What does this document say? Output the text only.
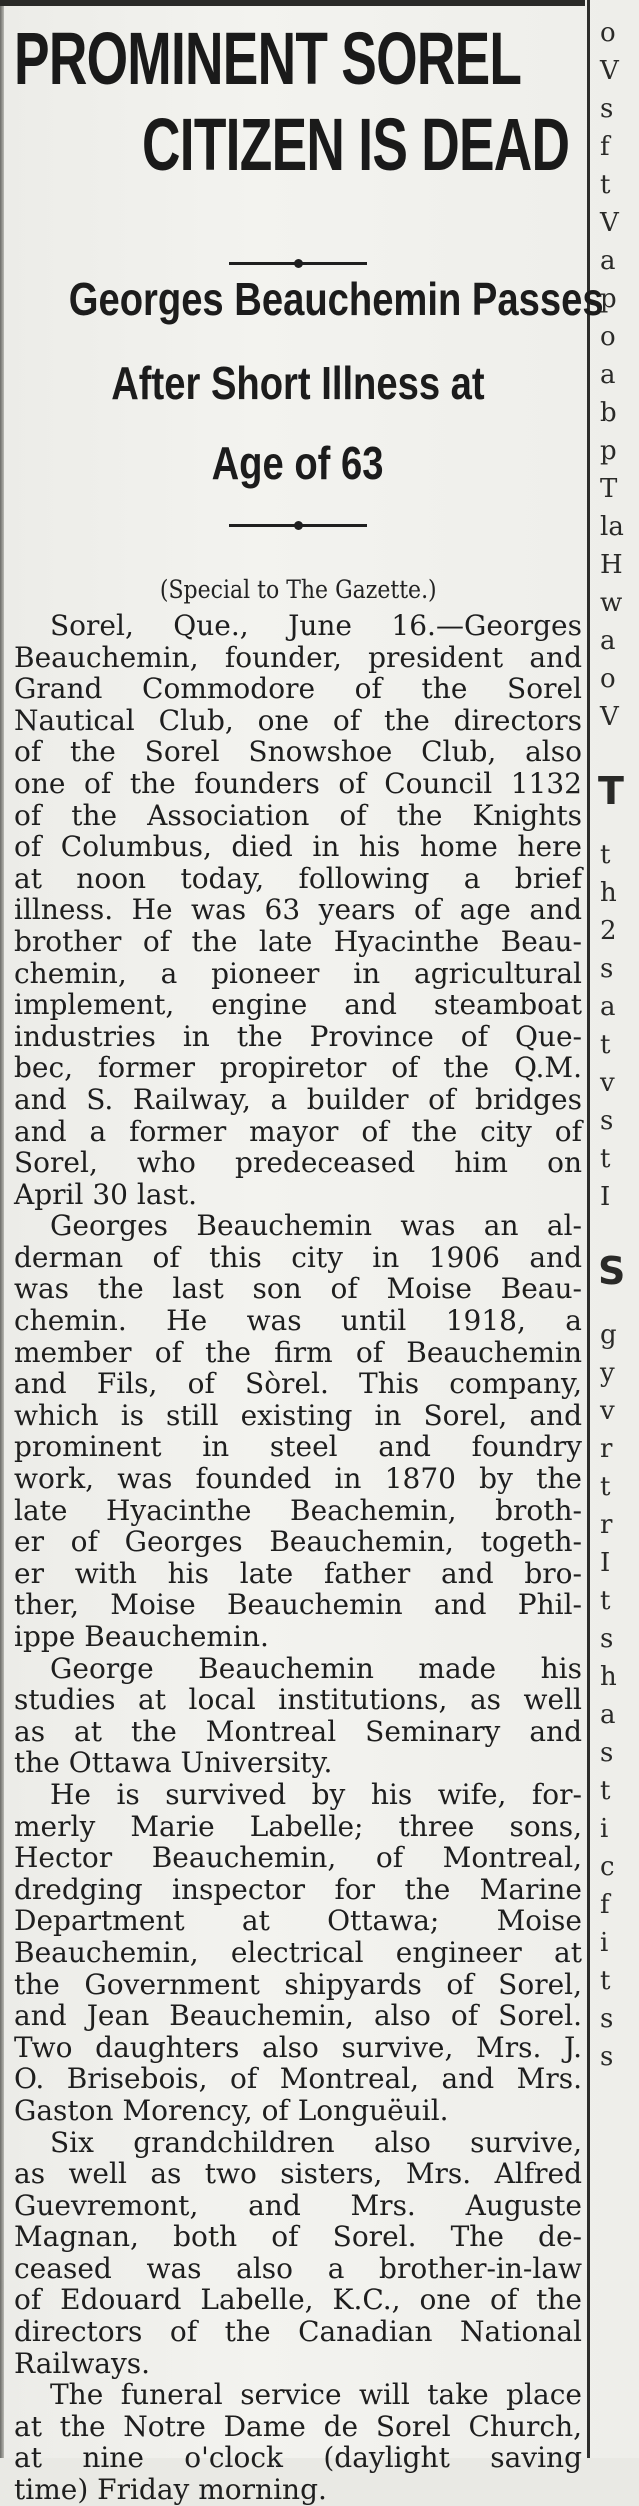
o
V
s
f
t
V
a
p
o
a
b
p
T
la
H
w
a
o
V
T
t
h
2
s
a
t
v
s
t
I
S
g
y
v
r
t
r
I
t
s
h
a
s
t
i
c
f
i
t
s
s
PROMINENT SOREL
CITIZEN IS DEAD
Georges Beauchemin Passes
After Short Illness at
Age of 63
(Special to The Gazette.)
Sorel, Que., June 16.—Georges
Beauchemin, founder, president and
Grand Commodore of the Sorel
Nautical Club, one of the directors
of the Sorel Snowshoe Club, also
one of the founders of Council 1132
of the Association of the Knights
of Columbus, died in his home here
at noon today, following a brief
illness. He was 63 years of age and
brother of the late Hyacinthe Beau-
chemin, a pioneer in agricultural
implement, engine and steamboat
industries in the Province of Que-
bec, former propiretor of the Q.M.
and S. Railway, a builder of bridges
and a former mayor of the city of
Sorel, who predeceased him on
April 30 last.
Georges Beauchemin was an al-
derman of this city in 1906 and
was the last son of Moise Beau-
chemin. He was until 1918, a
member of the firm of Beauchemin
and Fils, of Sòrel. This company,
which is still existing in Sorel, and
prominent in steel and foundry
work, was founded in 1870 by the
late Hyacinthe Beachemin, broth-
er of Georges Beauchemin, togeth-
er with his late father and bro-
ther, Moise Beauchemin and Phil-
ippe Beauchemin.
George Beauchemin made his
studies at local institutions, as well
as at the Montreal Seminary and
the Ottawa University.
He is survived by his wife, for-
merly Marie Labelle; three sons,
Hector Beauchemin, of Montreal,
dredging inspector for the Marine
Department at Ottawa; Moise
Beauchemin, electrical engineer at
the Government shipyards of Sorel,
and Jean Beauchemin, also of Sorel.
Two daughters also survive, Mrs. J.
O. Brisebois, of Montreal, and Mrs.
Gaston Morency, of Longuëuil.
Six grandchildren also survive,
as well as two sisters, Mrs. Alfred
Guevremont, and Mrs. Auguste
Magnan, both of Sorel. The de-
ceased was also a brother-in-law
of Edouard Labelle, K.C., one of the
directors of the Canadian National
Railways.
The funeral service will take place
at the Notre Dame de Sorel Church,
at nine o'clock (daylight saving
time) Friday morning.
